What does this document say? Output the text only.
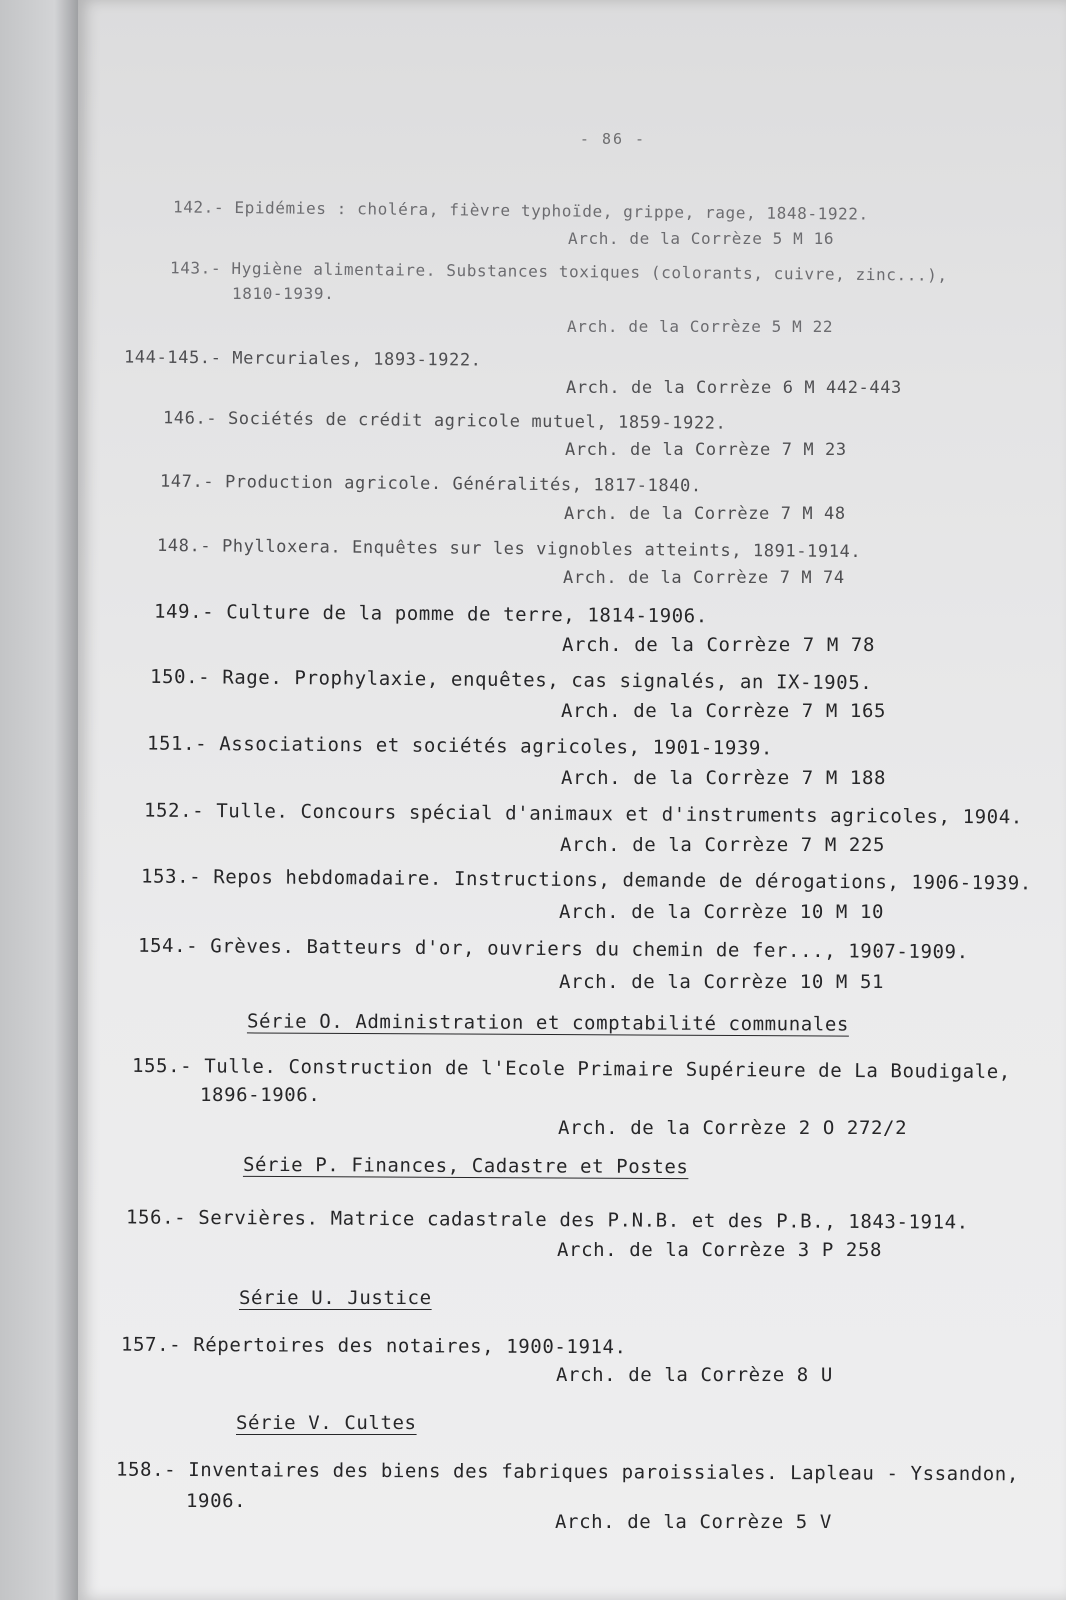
- 86 -
142.- Epidémies : choléra, fièvre typhoïde, grippe, rage, 1848-1922.
Arch. de la Corrèze 5 M 16
143.- Hygiène alimentaire. Substances toxiques (colorants, cuivre, zinc...),
1810-1939.
Arch. de la Corrèze 5 M 22
144-145.- Mercuriales, 1893-1922.
Arch. de la Corrèze 6 M 442-443
146.- Sociétés de crédit agricole mutuel, 1859-1922.
Arch. de la Corrèze 7 M 23
147.- Production agricole. Généralités, 1817-1840.
Arch. de la Corrèze 7 M 48
148.- Phylloxera. Enquêtes sur les vignobles atteints, 1891-1914.
Arch. de la Corrèze 7 M 74
149.- Culture de la pomme de terre, 1814-1906.
Arch. de la Corrèze 7 M 78
150.- Rage. Prophylaxie, enquêtes, cas signalés, an IX-1905.
Arch. de la Corrèze 7 M 165
151.- Associations et sociétés agricoles, 1901-1939.
Arch. de la Corrèze 7 M 188
152.- Tulle. Concours spécial d'animaux et d'instruments agricoles, 1904.
Arch. de la Corrèze 7 M 225
153.- Repos hebdomadaire. Instructions, demande de dérogations, 1906-1939.
Arch. de la Corrèze 10 M 10
154.- Grèves. Batteurs d'or, ouvriers du chemin de fer..., 1907-1909.
Arch. de la Corrèze 10 M 51
Série O. Administration et comptabilité communales
155.- Tulle. Construction de l'Ecole Primaire Supérieure de La Boudigale,
1896-1906.
Arch. de la Corrèze 2 O 272/2
Série P. Finances, Cadastre et Postes
156.- Servières. Matrice cadastrale des P.N.B. et des P.B., 1843-1914.
Arch. de la Corrèze 3 P 258
Série U. Justice
157.- Répertoires des notaires, 1900-1914.
Arch. de la Corrèze 8 U
Série V. Cultes
158.- Inventaires des biens des fabriques paroissiales. Lapleau - Yssandon,
1906.
Arch. de la Corrèze 5 V
